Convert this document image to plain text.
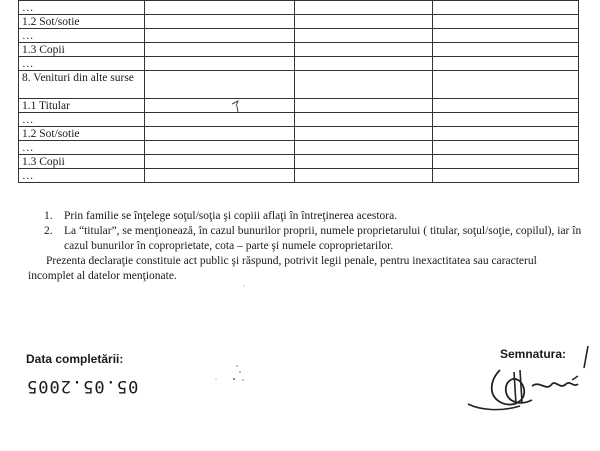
…			
1.2 Sot/sotie			
…			
1.3 Copii			
…			
8. Venituri din alte surse			
1.1 Titular			
…			
1.2 Sot/sotie			
…			
1.3 Copii			
…			
1. Prin familie se înţelege soţul/soţia şi copiii aflaţi în întreţinerea acestora.
2. La “titular”, se menţionează, în cazul bunurilor proprii, numele proprietarului ( titular, soţul/soţie, copilul), iar în cazul bunurilor în coproprietate, cota – parte şi numele coproprietarilor.
Prezenta declaraţie constituie act public şi răspund, potrivit legii penale, pentru inexactitatea sau caracterul incomplet al datelor menţionate.
Data completării:
05.05.2005
Semnatura:
